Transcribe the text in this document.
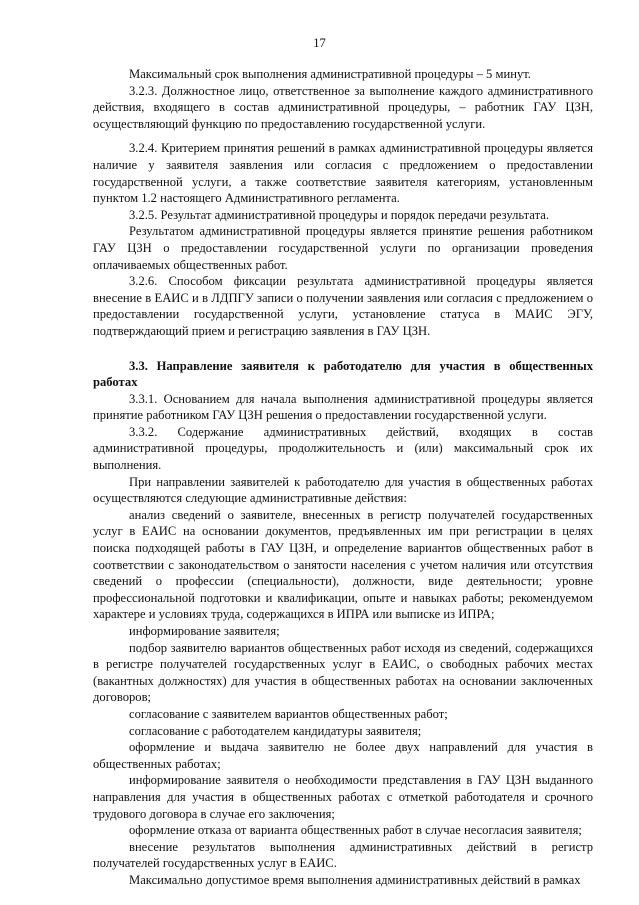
17

Максимальный срок выполнения административной процедуры – 5 минут.

3.2.3. Должностное лицо, ответственное за выполнение каждого административного действия, входящего в состав административной процедуры, – работник ГАУ ЦЗН, осуществляющий функцию по предоставлению государственной услуги.

3.2.4. Критерием принятия решений в рамках административной процедуры является наличие у заявителя заявления или согласия с предложением о предоставлении государственной услуги, а также соответствие заявителя категориям, установленным пунктом 1.2 настоящего Административного регламента.

3.2.5. Результат административной процедуры и порядок передачи результата.

Результатом административной процедуры является принятие решения работником ГАУ ЦЗН о предоставлении государственной услуги по организации проведения оплачиваемых общественных работ.

3.2.6. Способом фиксации результата административной процедуры является внесение в ЕАИС и в ЛДПГУ записи о получении заявления или согласия с предложением о предоставлении государственной услуги, установление статуса в МАИС ЭГУ, подтверждающий прием и регистрацию заявления в ГАУ ЦЗН.

3.3. Направление заявителя к работодателю для участия в общественных работах

3.3.1. Основанием для начала выполнения административной процедуры является принятие работником ГАУ ЦЗН решения о предоставлении государственной услуги.

3.3.2. Содержание административных действий, входящих в состав административной процедуры, продолжительность и (или) максимальный срок их выполнения.

При направлении заявителей к работодателю для участия в общественных работах осуществляются следующие административные действия:

анализ сведений о заявителе, внесенных в регистр получателей государственных услуг в ЕАИС на основании документов, предъявленных им при регистрации в целях поиска подходящей работы в ГАУ ЦЗН, и определение вариантов общественных работ в соответствии с законодательством о занятости населения с учетом наличия или отсутствия сведений о профессии (специальности), должности, виде деятельности; уровне профессиональной подготовки и квалификации, опыте и навыках работы; рекомендуемом характере и условиях труда, содержащихся в ИПРА или выписке из ИПРА;

информирование заявителя;

подбор заявителю вариантов общественных работ исходя из сведений, содержащихся в регистре получателей государственных услуг в ЕАИС, о свободных рабочих местах (вакантных должностях) для участия в общественных работах на основании заключенных договоров;

согласование с заявителем вариантов общественных работ;

согласование с работодателем кандидатуры заявителя;

оформление и выдача заявителю не более двух направлений для участия в общественных работах;

информирование заявителя о необходимости представления в ГАУ ЦЗН выданного направления для участия в общественных работах с отметкой работодателя и срочного трудового договора в случае его заключения;

оформление отказа от варианта общественных работ в случае несогласия заявителя;

внесение результатов выполнения административных действий в регистр получателей государственных услуг в ЕАИС.

Максимально допустимое время выполнения административных действий в рамках
